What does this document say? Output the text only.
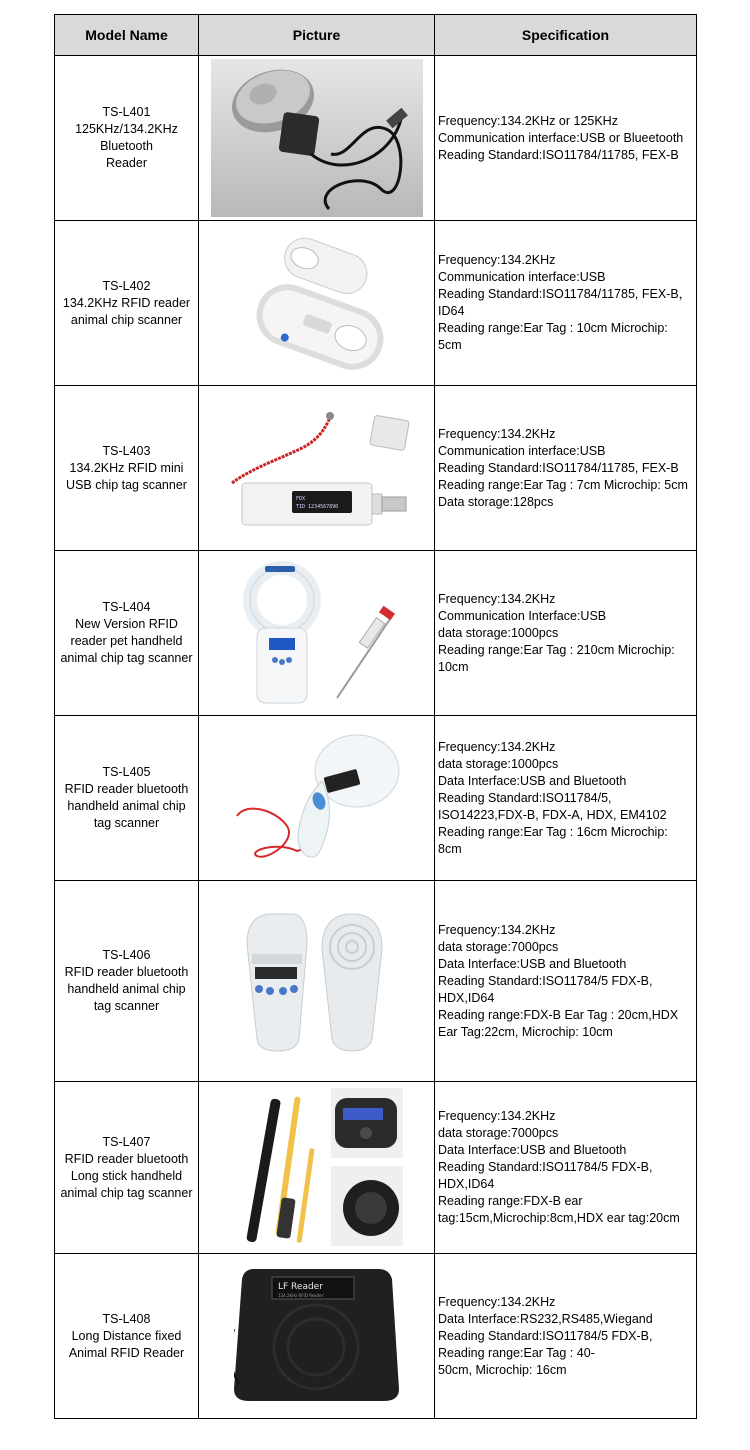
Model Name	Picture	Specification

TS-L401
125KHz/134.2KHz
Bluetooth
Reader		Frequency:134.2KHz or 125KHz
Communication interface:USB or Blueetooth
Reading Standard:ISO11784/11785, FEX-B

TS-L402
134.2KHz RFID reader
animal chip scanner		Frequency:134.2KHz
Communication interface:USB
Reading Standard:ISO11784/11785, FEX-B，ID64
Reading range:Ear Tag : 10cm Microchip: 5cm

TS-L403
134.2KHz RFID mini
USB chip tag scanner	FDX
TID 1234567890	Frequency:134.2KHz
Communication interface:USB
Reading Standard:ISO11784/11785, FEX-B
Reading range:Ear Tag : 7cm Microchip: 5cm
Data storage:128pcs

TS-L404
New Version RFID
reader pet handheld
animal chip tag scanner		Frequency:134.2KHz
Communication Interface:USB
data storage:1000pcs
Reading range:Ear Tag : 210cm Microchip: 10cm

TS-L405
RFID reader bluetooth
handheld animal chip
tag scanner		Frequency:134.2KHz
data storage:1000pcs
Data Interface:USB and Bluetooth
Reading Standard:ISO11784/5, ISO14223,FDX-B, FDX-A, HDX, EM4102
Reading range:Ear Tag : 16cm Microchip: 8cm

TS-L406
RFID reader bluetooth
handheld animal chip
tag scanner		Frequency:134.2KHz
data storage:7000pcs
Data Interface:USB and Bluetooth
Reading Standard:ISO11784/5 FDX-B, HDX,ID64
Reading range:FDX-B Ear Tag : 20cm,HDX Ear Tag:22cm, Microchip: 10cm

TS-L407
RFID reader bluetooth
Long stick handheld
animal chip tag scanner		Frequency:134.2KHz
data storage:7000pcs
Data Interface:USB and Bluetooth
Reading Standard:ISO11784/5 FDX-B, HDX,ID64
Reading range:FDX-B ear tag:15cm,Microchip:8cm,HDX ear tag:20cm

TS-L408
Long Distance fixed
Animal RFID Reader	LF Reader
134.2KHz RFID Reader	Frequency:134.2KHz
Data Interface:RS232,RS485,Wiegand
Reading Standard:ISO11784/5 FDX-B,
Reading range:Ear Tag : 40-
50cm, Microchip: 16cm
